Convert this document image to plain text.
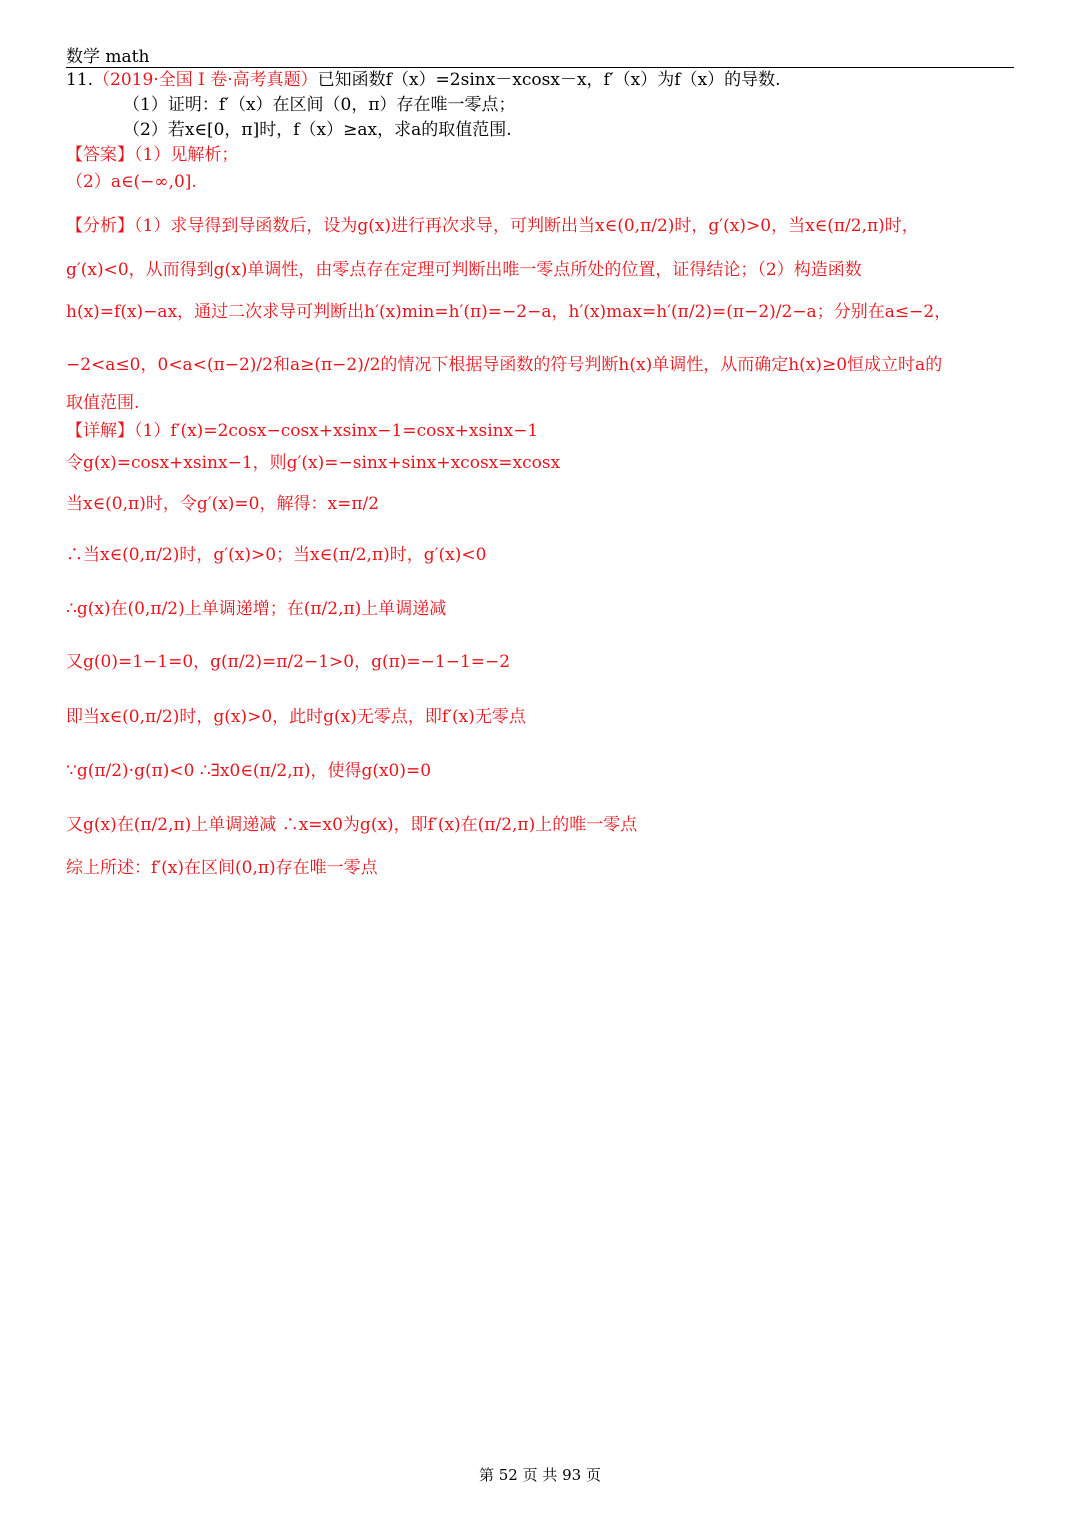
数学 math
11.（2019·全国 I 卷·高考真题）已知函数f（x）=2sinx－xcosx－x，f′（x）为f（x）的导数.
（1）证明：f′（x）在区间（0，π）存在唯一零点；
（2）若x∈[0，π]时，f（x）≥ax，求a的取值范围.
【答案】（1）见解析；
（2）a∈(−∞,0].
【分析】（1）求导得到导函数后，设为g(x)进行再次求导，可判断出当x∈(0,π/2)时，g′(x)>0，当x∈(π/2,π)时，
g′(x)<0，从而得到g(x)单调性，由零点存在定理可判断出唯一零点所处的位置，证得结论；（2）构造函数
h(x)=f(x)−ax，通过二次求导可判断出h′(x)min=h′(π)=−2−a，h′(x)max=h′(π/2)=(π−2)/2−a；分别在a≤−2，
−2<a≤0，0<a<(π−2)/2和a≥(π−2)/2的情况下根据导函数的符号判断h(x)单调性，从而确定h(x)≥0恒成立时a的
取值范围.
【详解】（1）f′(x)=2cosx−cosx+xsinx−1=cosx+xsinx−1
令g(x)=cosx+xsinx−1，则g′(x)=−sinx+sinx+xcosx=xcosx
当x∈(0,π)时，令g′(x)=0，解得：x=π/2
∴当x∈(0,π/2)时，g′(x)>0；当x∈(π/2,π)时，g′(x)<0
∴g(x)在(0,π/2)上单调递增；在(π/2,π)上单调递减
又g(0)=1−1=0，g(π/2)=π/2−1>0，g(π)=−1−1=−2
即当x∈(0,π/2)时，g(x)>0，此时g(x)无零点，即f′(x)无零点
∵g(π/2)·g(π)<0 ∴∃x0∈(π/2,π)，使得g(x0)=0
又g(x)在(π/2,π)上单调递减 ∴x=x0为g(x)，即f′(x)在(π/2,π)上的唯一零点
综上所述：f′(x)在区间(0,π)存在唯一零点
第 52 页 共 93 页
